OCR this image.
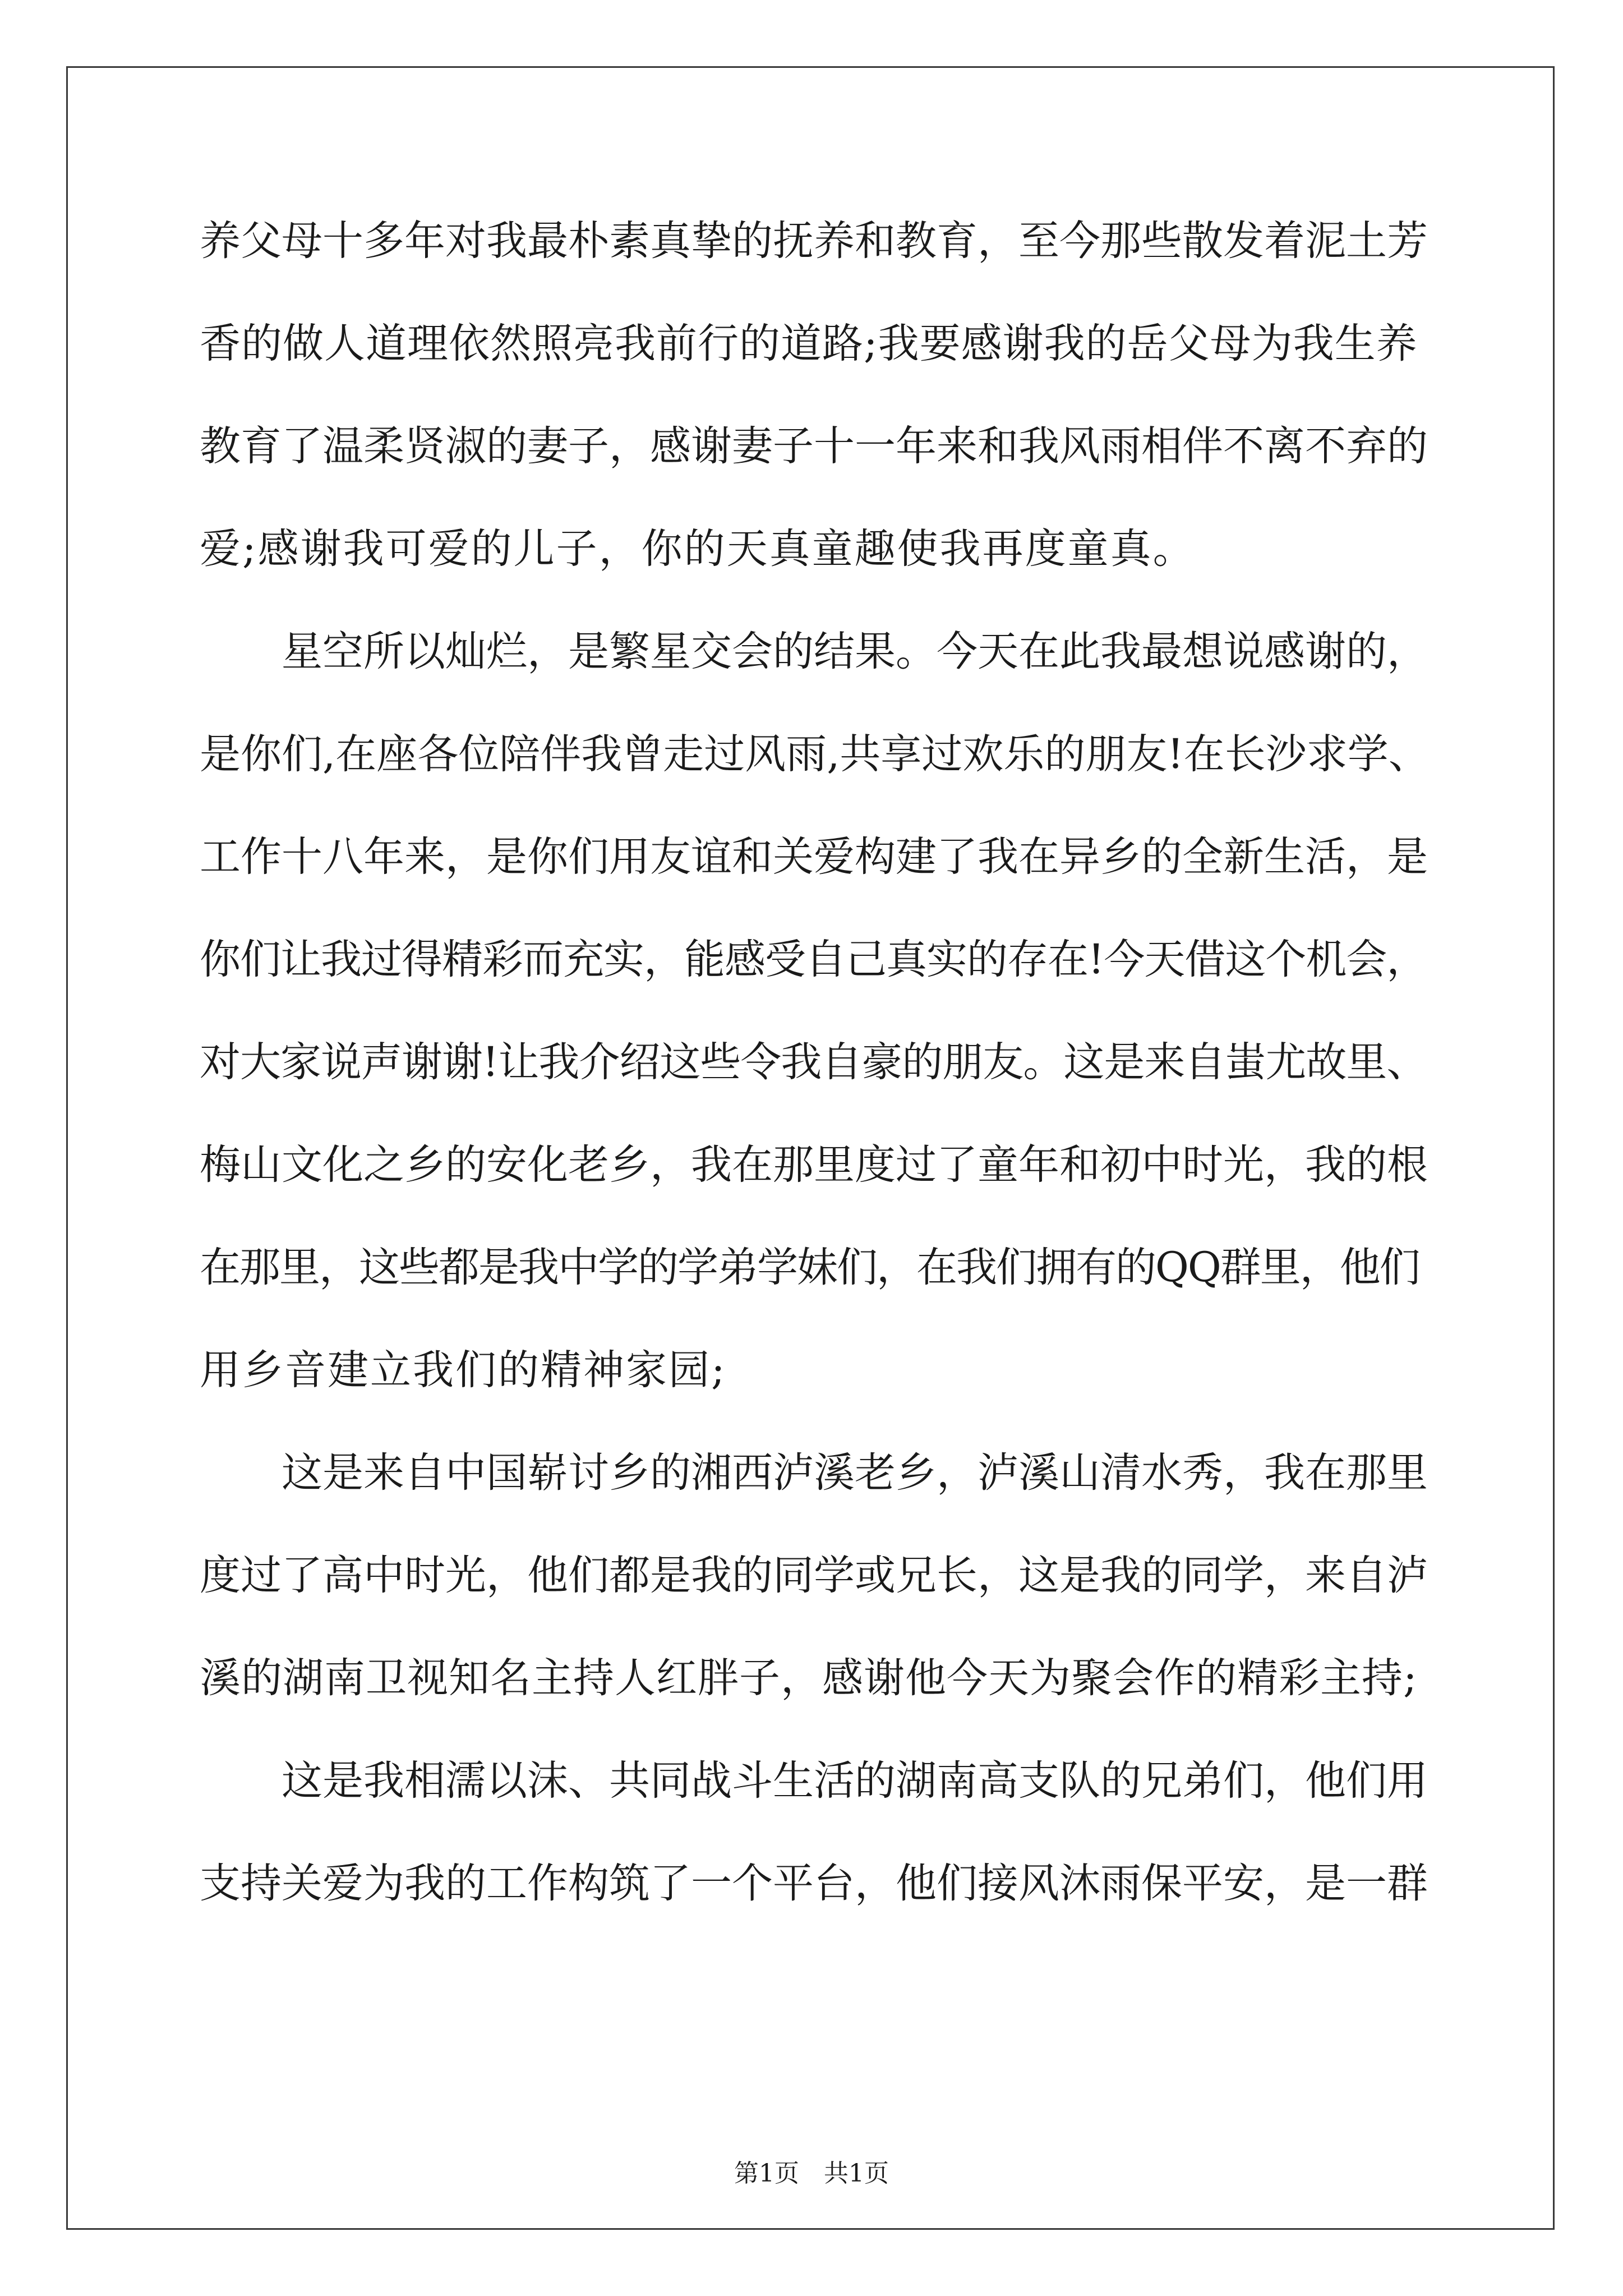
养父母十多年对我最朴素真挚的抚养和教育，至今那些散发着泥土芳
香的做人道理依然照亮我前行的道路;我要感谢我的岳父母为我生养
教育了温柔贤淑的妻子，感谢妻子十一年来和我风雨相伴不离不弃的
爱;感谢我可爱的儿子，你的天真童趣使我再度童真。
星空所以灿烂，是繁星交会的结果。今天在此我最想说感谢的，
是你们,在座各位陪伴我曾走过风雨,共享过欢乐的朋友!在长沙求学、
工作十八年来，是你们用友谊和关爱构建了我在异乡的全新生活，是
你们让我过得精彩而充实，能感受自己真实的存在!今天借这个机会，
对大家说声谢谢!让我介绍这些令我自豪的朋友。这是来自蚩尤故里、
梅山文化之乡的安化老乡，我在那里度过了童年和初中时光，我的根
在那里，这些都是我中学的学弟学妹们，在我们拥有的QQ群里，他们
用乡音建立我们的精神家园;
这是来自中国崭讨乡的湘西泸溪老乡，泸溪山清水秀，我在那里
度过了高中时光，他们都是我的同学或兄长，这是我的同学，来自泸
溪的湖南卫视知名主持人红胖子，感谢他今天为聚会作的精彩主持;
这是我相濡以沫、共同战斗生活的湖南高支队的兄弟们，他们用
支持关爱为我的工作构筑了一个平台，他们接风沐雨保平安，是一群
第1页　共1页
